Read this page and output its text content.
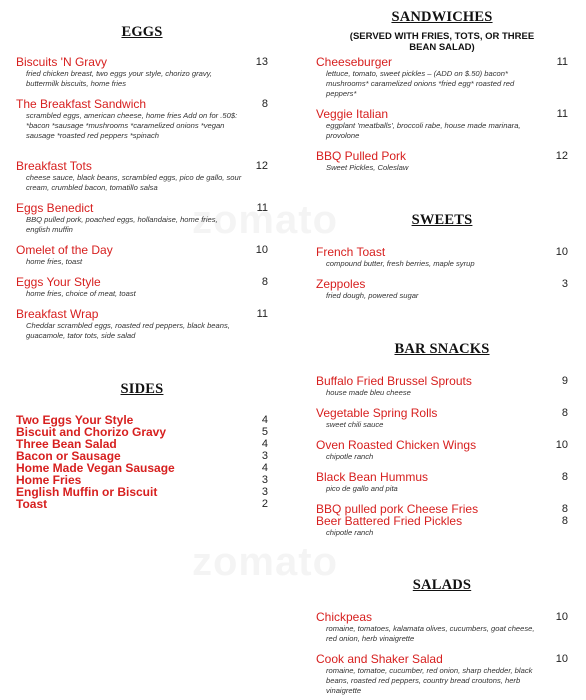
EGGS
Biscuits 'N Gravy	13
fried chicken breast, two eggs your style, chorizo gravy, buttermilk biscuits, home fries
The Breakfast Sandwich	8
scrambled eggs, american cheese, home fries Add on for .50$: *bacon *sausage *mushrooms *caramelized onions *vegan sausage *roasted red peppers *spinach
Breakfast Tots	12
cheese sauce, black beans, scrambled eggs, pico de gallo, sour cream, crumbled bacon, tomatillo salsa
Eggs Benedict	11
BBQ pulled pork, poached eggs, hollandaise, home fries, english muffin
Omelet of the Day	10
home fries, toast
Eggs Your Style	8
home fries, choice of meat, toast
Breakfast Wrap	11
Cheddar scrambled eggs, roasted red peppers, black beans, guacamole, tator tots, side salad
SIDES
Two Eggs Your Style	4
Biscuit and Chorizo Gravy	5
Three Bean Salad	4
Bacon or Sausage	3
Home Made Vegan Sausage	4
Home Fries	3
English Muffin or Biscuit	3
Toast	2
SANDWICHES
(SERVED WITH FRIES, TOTS, OR THREE BEAN SALAD)
Cheeseburger	11
lettuce, tomato, sweet pickles – (ADD on $.50) bacon* mushrooms* caramelized onions *fried egg* roasted red peppers*
Veggie Italian	11
eggplant 'meatballs', broccoli rabe, house made marinara, provolone
BBQ Pulled Pork	12
Sweet Pickles, Coleslaw
SWEETS
French Toast	10
compound butter, fresh berries, maple syrup
Zeppoles	3
fried dough, powered sugar
BAR SNACKS
Buffalo Fried Brussel Sprouts	9
house made bleu cheese
Vegetable Spring Rolls	8
sweet chili sauce
Oven Roasted Chicken Wings	10
chipotle ranch
Black Bean Hummus	8
pico de gallo and pita
BBQ pulled pork Cheese Fries	8
Beer Battered Fried Pickles	8
chipotle ranch
SALADS
Chickpeas	10
romaine, tomatoes, kalamata olives, cucumbers, goat cheese, red onion, herb vinaigrette
Cook and Shaker Salad	10
romaine, tomatoe, cucumber, red onion, sharp chedder, black beans, roasted red peppers, country bread croutons, herb vinaigrette
